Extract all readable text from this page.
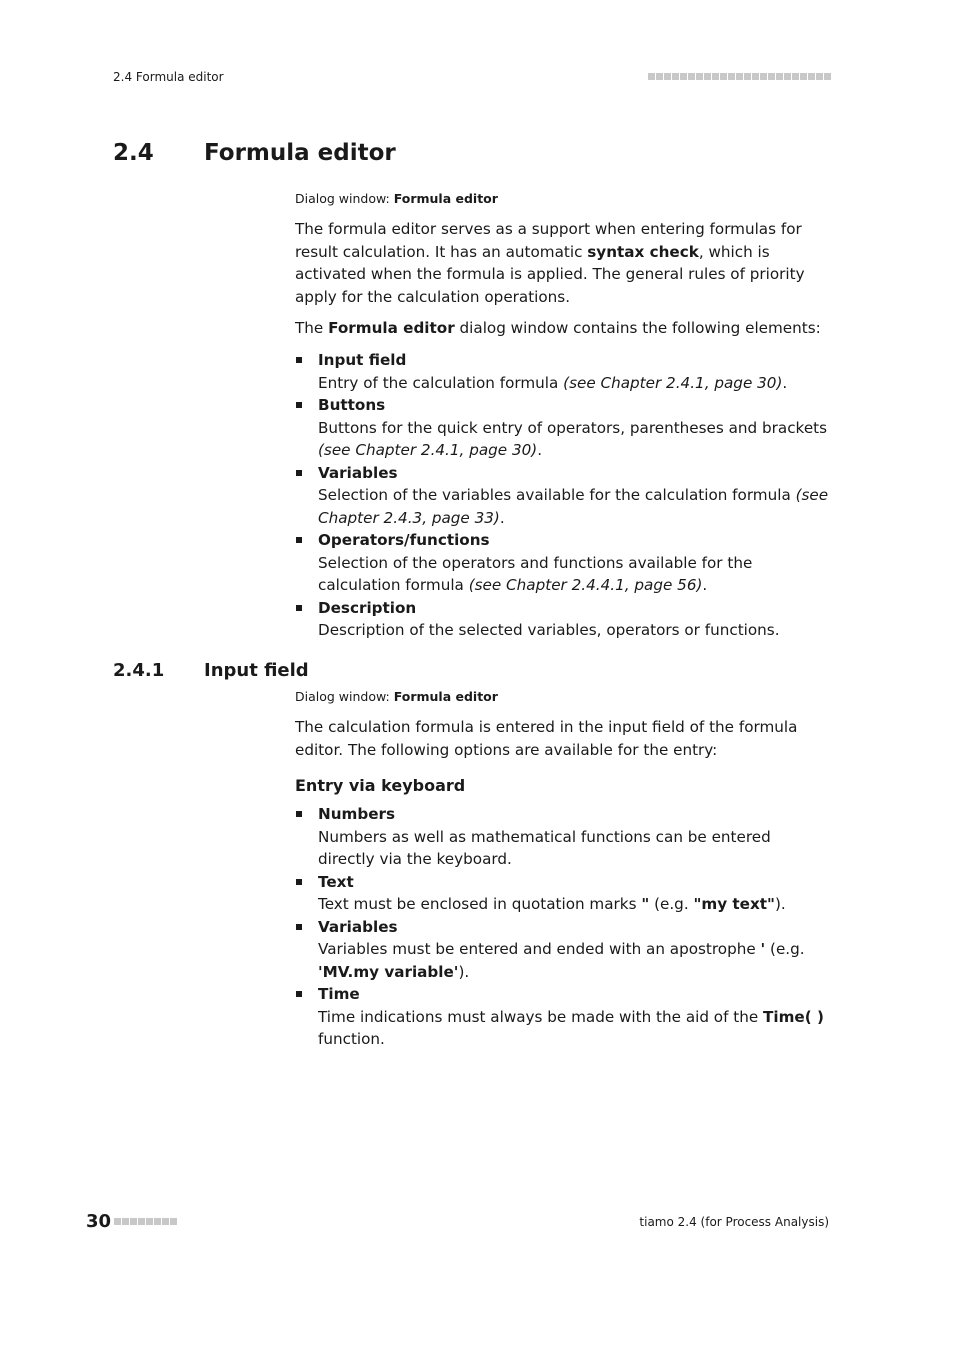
2.4 Formula editor
2.4	Formula editor
Dialog window: Formula editor
The formula editor serves as a support when entering formulas for result calculation. It has an automatic syntax check, which is activated when the formula is applied. The general rules of priority apply for the calculation operations.
The Formula editor dialog window contains the following elements:
Input field
Entry of the calculation formula (see Chapter 2.4.1, page 30).
Buttons
Buttons for the quick entry of operators, parentheses and brackets (see Chapter 2.4.1, page 30).
Variables
Selection of the variables available for the calculation formula (see Chapter 2.4.3, page 33).
Operators/functions
Selection of the operators and functions available for the calculation formula (see Chapter 2.4.4.1, page 56).
Description
Description of the selected variables, operators or functions.
2.4.1	Input field
Dialog window: Formula editor
The calculation formula is entered in the input field of the formula editor. The following options are available for the entry:
Entry via keyboard
Numbers
Numbers as well as mathematical functions can be entered directly via the keyboard.
Text
Text must be enclosed in quotation marks " (e.g. "my text").
Variables
Variables must be entered and ended with an apostrophe ' (e.g. 'MV.my variable').
Time
Time indications must always be made with the aid of the Time( ) function.
30	tiamo 2.4 (for Process Analysis)
